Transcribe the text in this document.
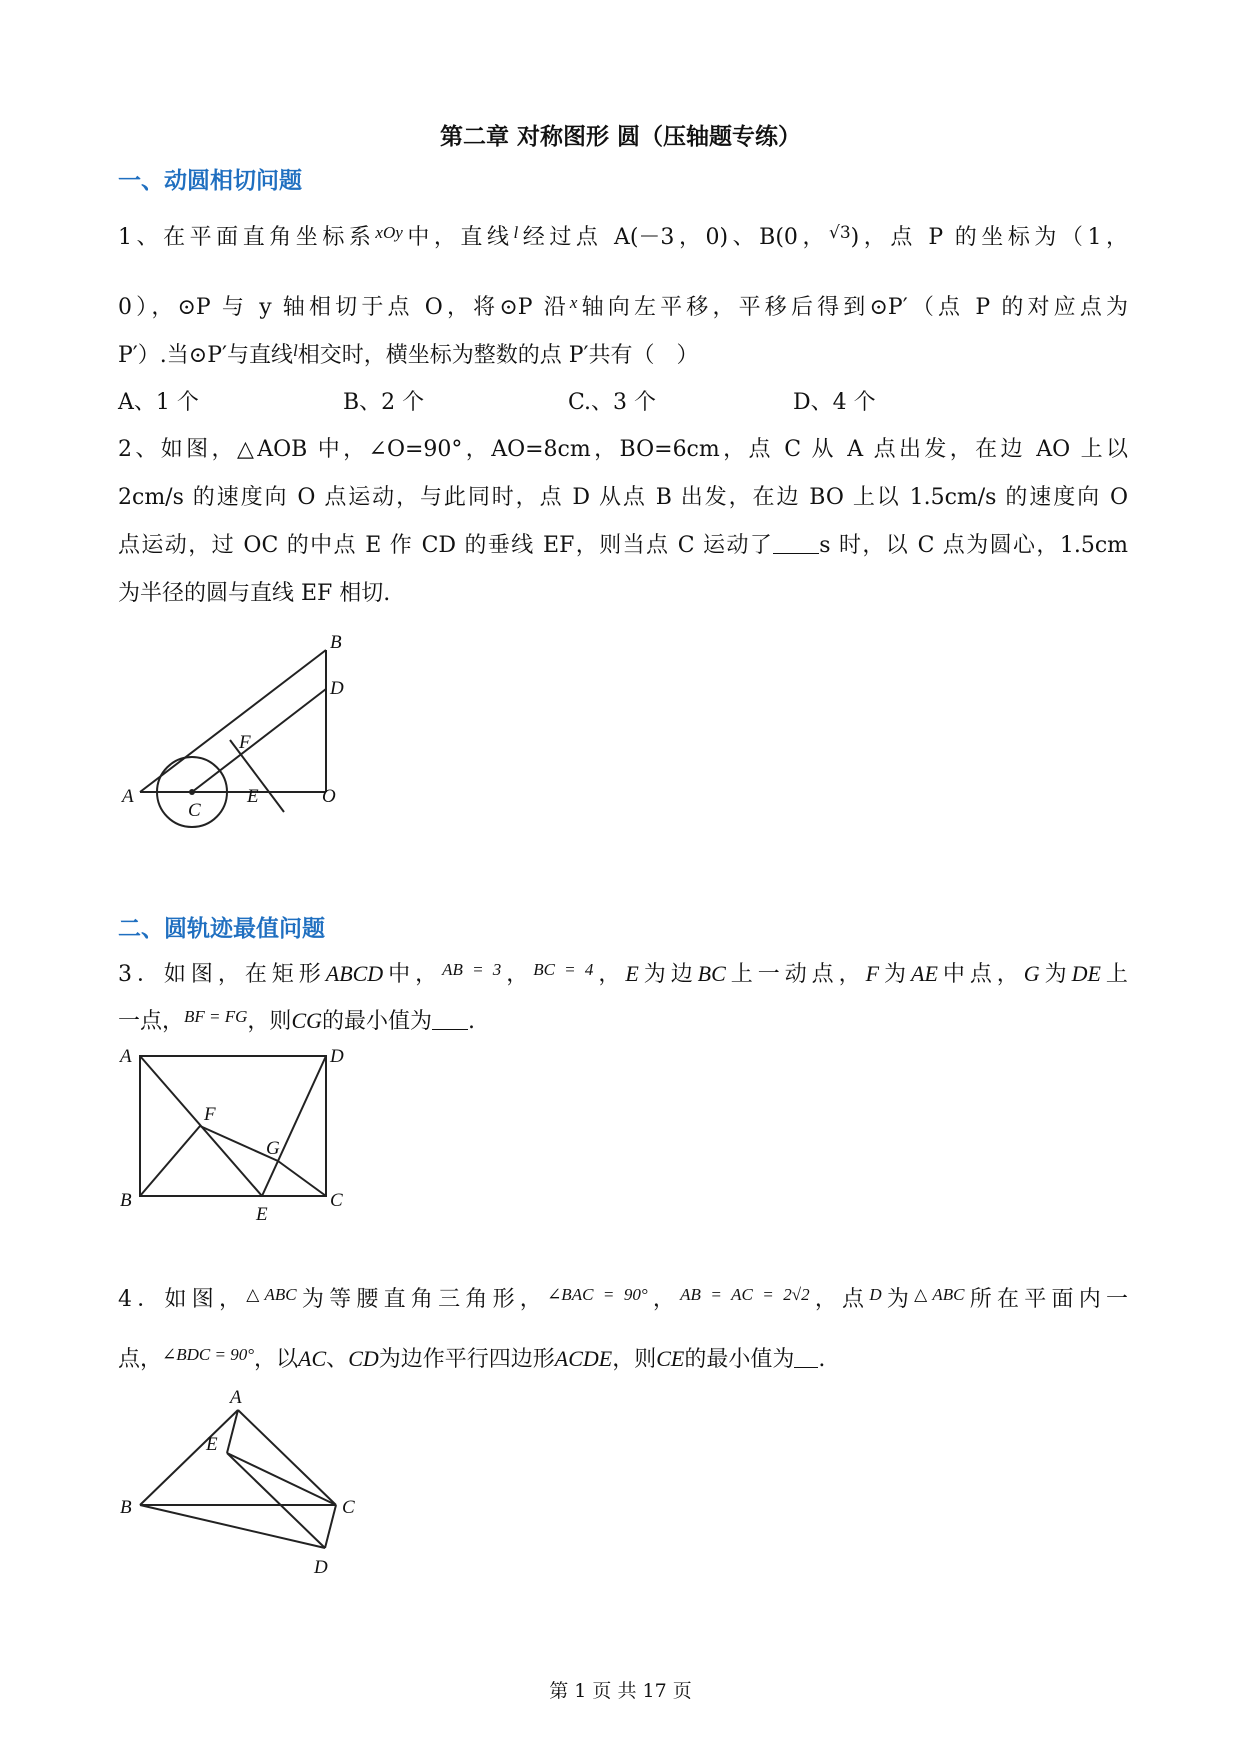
第二章 对称图形 圆（压轴题专练）
一、动圆相切问题
1、在平面直角坐标系$^{xOy}$中，直线$^l$经过点 A(－3，0)、B(0，$^{√3}$)，点 P 的坐标为（1，
0），⊙P 与 y 轴相切于点 O，将⊙P 沿$^x$轴向左平移，平移后得到⊙P′（点 P 的对应点为
P′）.当⊙P′与直线$^l$相交时，横坐标为整数的点 P′共有（　）
A、1 个	B、2 个	C.、3 个	D、4 个
2、如图，△AOB 中，∠O=90°，AO=8cm，BO=6cm，点 C 从 A 点出发，在边 AO 上以
2cm/s 的速度向 O 点运动，与此同时，点 D 从点 B 出发，在边 BO 上以 1.5cm/s 的速度向 O
点运动，过 OC 的中点 E 作 CD 的垂线 EF，则当点 C 运动了 s 时，以 C 点为圆心，1.5cm
为半径的圆与直线 EF 相切.
A
B
C
D
E
F
O
二、圆轨迹最值问题
3．如图，在矩形ABCD中，$^{AB = 3}$，$^{BC = 4}$，E为边BC上一动点，F为AE中点，G为DE上
一点，$^{BF = FG}$，则CG的最小值为 .
A
B	C
D
E
F
G
4．如图，$^{\triangle ABC}$为等腰直角三角形，$^{\angle BAC = 90^\circ}$，$^{AB = AC = 2√2}$，点$^D$为$^{\triangle ABC}$所在平面内一
点，$^{\angle BDC = 90^\circ}$，以AC、CD为边作平行四边形ACDE，则CE的最小值为 .
A
B	C
D
E
第 1 页 共 17 页
